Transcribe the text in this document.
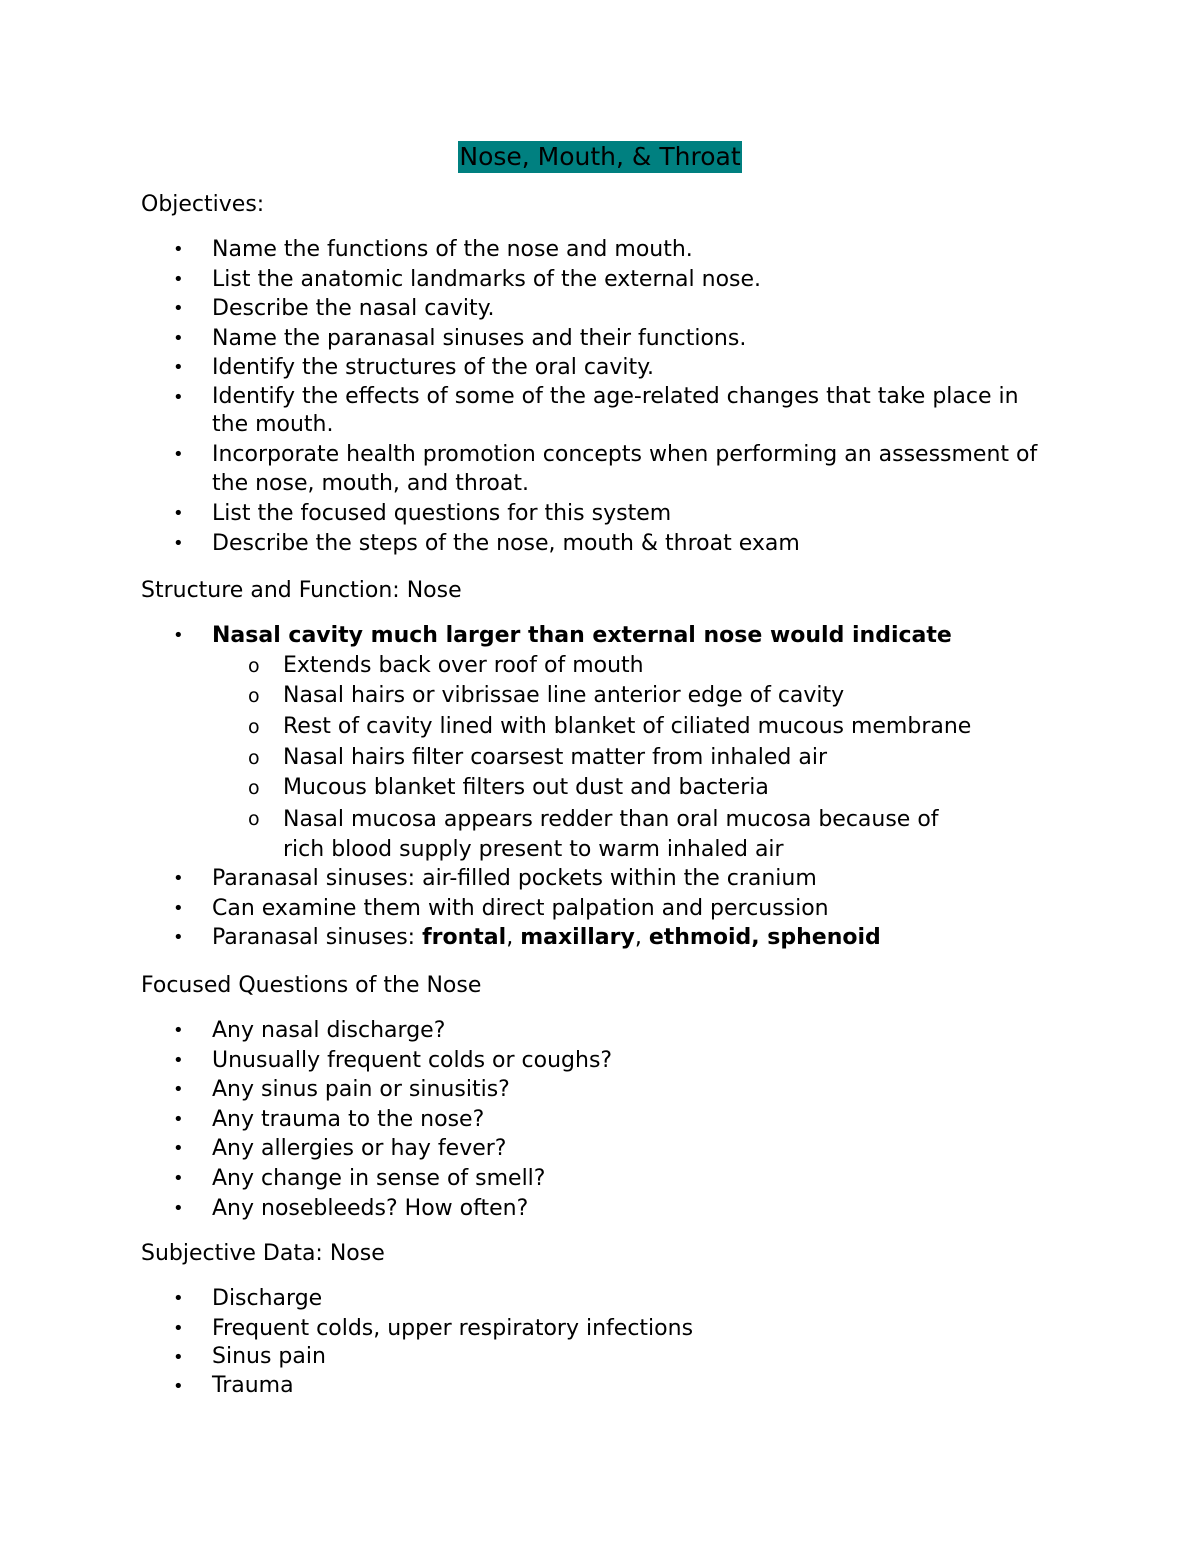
Nose, Mouth, & Throat
Objectives:
• Name the functions of the nose and mouth.
• List the anatomic landmarks of the external nose.
• Describe the nasal cavity.
• Name the paranasal sinuses and their functions.
• Identify the structures of the oral cavity.
• Identify the effects of some of the age-related changes that take place in the mouth.
• Incorporate health promotion concepts when performing an assessment of the nose, mouth, and throat.
• List the focused questions for this system
• Describe the steps of the nose, mouth & throat exam
Structure and Function: Nose
• Nasal cavity much larger than external nose would indicate
o Extends back over roof of mouth
o Nasal hairs or vibrissae line anterior edge of cavity
o Rest of cavity lined with blanket of ciliated mucous membrane
o Nasal hairs filter coarsest matter from inhaled air
o Mucous blanket filters out dust and bacteria
o Nasal mucosa appears redder than oral mucosa because of rich blood supply present to warm inhaled air
• Paranasal sinuses: air-filled pockets within the cranium
• Can examine them with direct palpation and percussion
• Paranasal sinuses: frontal, maxillary, ethmoid, sphenoid
Focused Questions of the Nose
• Any nasal discharge?
• Unusually frequent colds or coughs?
• Any sinus pain or sinusitis?
• Any trauma to the nose?
• Any allergies or hay fever?
• Any change in sense of smell?
• Any nosebleeds? How often?
Subjective Data: Nose
• Discharge
• Frequent colds, upper respiratory infections
• Sinus pain
• Trauma
